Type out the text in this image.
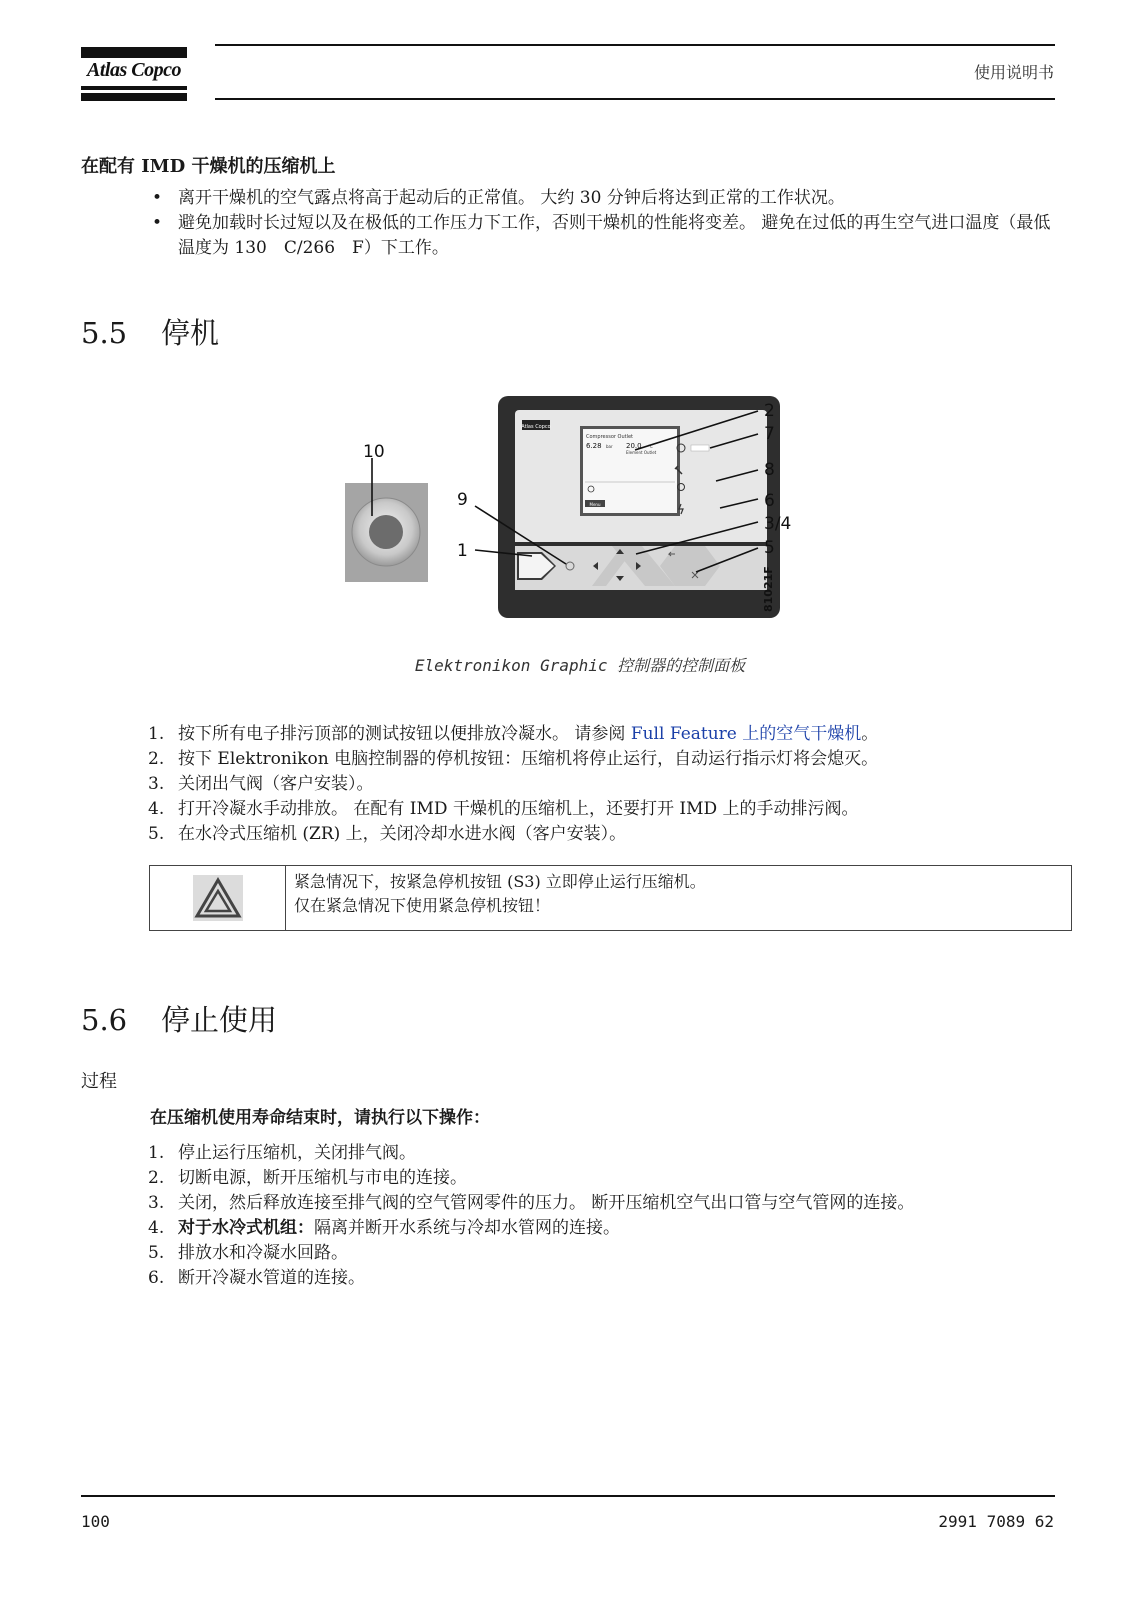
Atlas Copco	使用说明书
在配有 IMD 干燥机的压缩机上
• 离开干燥机的空气露点将高于起动后的正常值。 大约 30 分钟后将达到正常的工作状况。
• 避免加载时长过短以及在极低的工作压力下工作，否则干燥机的性能将变差。 避免在过低的再生空气进口温度（最低温度为 130　C/266　F）下工作。
5.5 停机
Atlas Copco
Compressor Outlet
6.28 bar 20.0 °C
Element Outlet
Menu
10
9
1
2
7
8
6
3/4
5
81021F
Elektronikon Graphic 控制器的控制面板
1. 按下所有电子排污顶部的测试按钮以便排放冷凝水。 请参阅 Full Feature 上的空气干燥机。
2. 按下 Elektronikon 电脑控制器的停机按钮：压缩机将停止运行，自动运行指示灯将会熄灭。
3. 关闭出气阀（客户安装）。
4. 打开冷凝水手动排放。 在配有 IMD 干燥机的压缩机上，还要打开 IMD 上的手动排污阀。
5. 在水冷式压缩机 (ZR) 上，关闭冷却水进水阀（客户安装）。
紧急情况下，按紧急停机按钮 (S3) 立即停止运行压缩机。
仅在紧急情况下使用紧急停机按钮！
5.6 停止使用
过程
在压缩机使用寿命结束时，请执行以下操作：
1. 停止运行压缩机，关闭排气阀。
2. 切断电源，断开压缩机与市电的连接。
3. 关闭，然后释放连接至排气阀的空气管网零件的压力。 断开压缩机空气出口管与空气管网的连接。
4. 对于水冷式机组：隔离并断开水系统与冷却水管网的连接。
5. 排放水和冷凝水回路。
6. 断开冷凝水管道的连接。
100	2991 7089 62
